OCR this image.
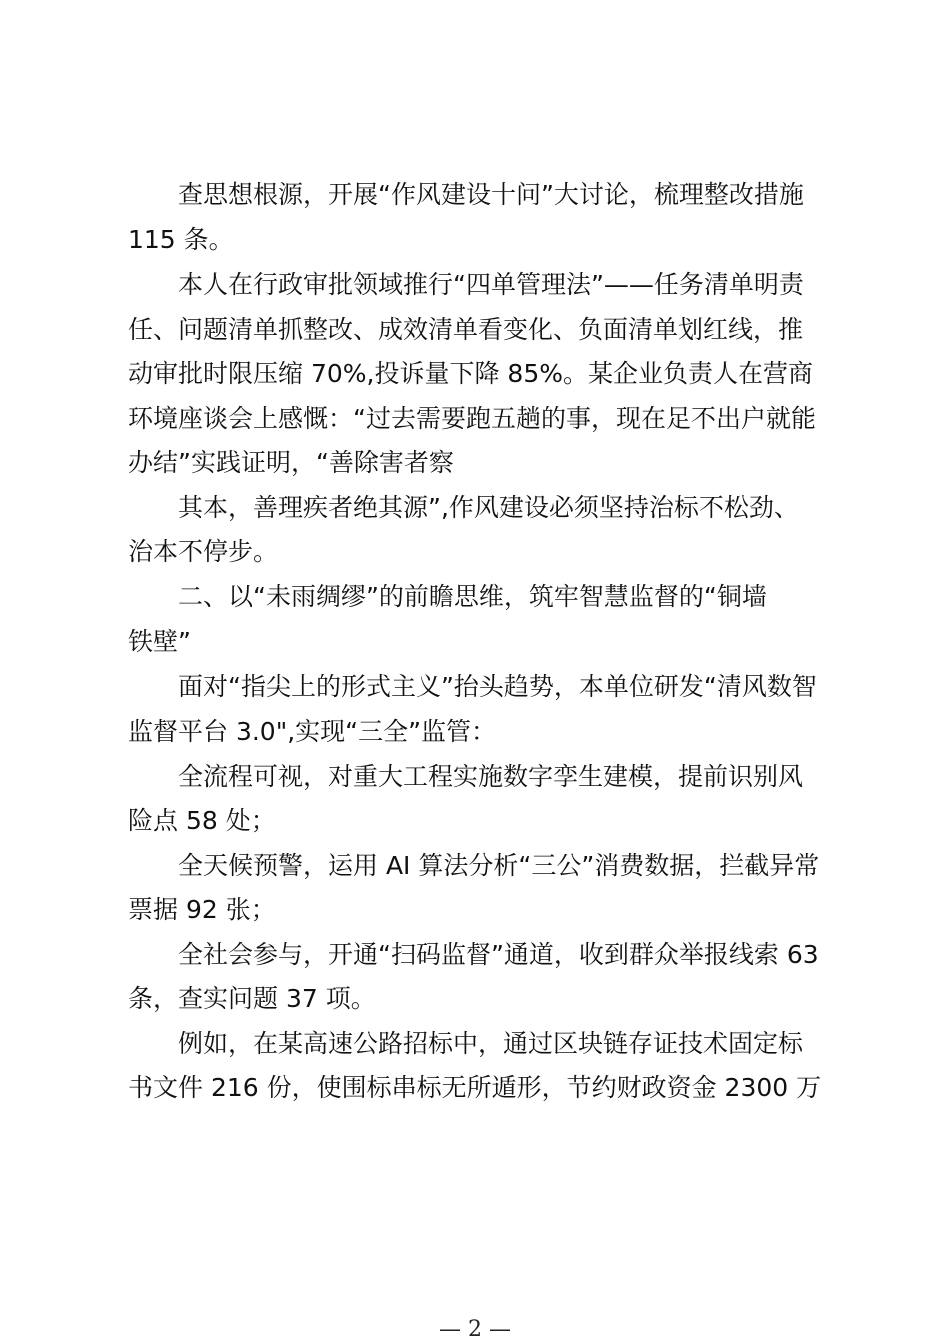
查思想根源，开展“作风建设十问”大讨论，梳理整改措施
115 条。
本人在行政审批领域推行“四单管理法”——任务清单明责
任、问题清单抓整改、成效清单看变化、负面清单划红线，推
动审批时限压缩 70%,投诉量下降 85%。某企业负责人在营商
环境座谈会上感慨：“过去需要跑五趟的事，现在足不出户就能
办结”实践证明，“善除害者察
其本，善理疾者绝其源”,作风建设必须坚持治标不松劲、
治本不停步。
二、以“未雨绸缪”的前瞻思维，筑牢智慧监督的“铜墙
铁壁”
面对“指尖上的形式主义”抬头趋势，本单位研发“清风数智
监督平台 3.0",实现“三全”监管：
全流程可视，对重大工程实施数字孪生建模，提前识别风
险点 58 处；
全天候预警，运用 AI 算法分析“三公”消费数据，拦截异常
票据 92 张；
全社会参与，开通“扫码监督”通道，收到群众举报线索 63
条，查实问题 37 项。
例如，在某高速公路招标中，通过区块链存证技术固定标
书文件 216 份，使围标串标无所遁形，节约财政资金 2300 万
— 2 —
